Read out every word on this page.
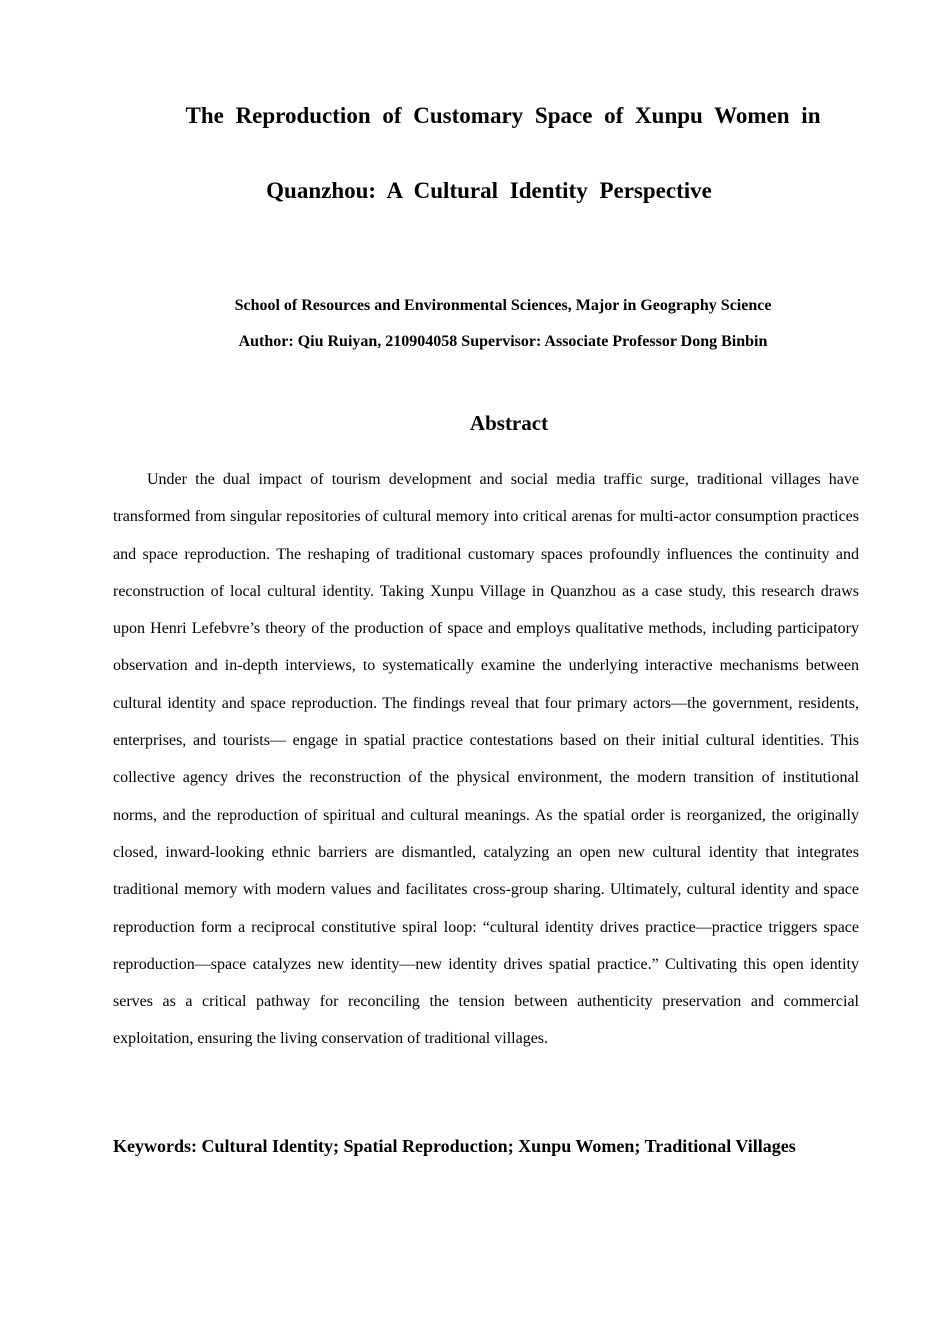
The Reproduction of Customary Space of Xunpu Women in
Quanzhou: A Cultural Identity Perspective

School of Resources and Environmental Sciences, Major in Geography Science

Author: Qiu Ruiyan, 210904058 Supervisor: Associate Professor Dong Binbin

Abstract

Under the dual impact of tourism development and social media traffic surge, traditional villages have transformed from singular repositories of cultural memory into critical arenas for multi-actor consumption practices and space reproduction. The reshaping of traditional customary spaces profoundly influences the continuity and reconstruction of local cultural identity. Taking Xunpu Village in Quanzhou as a case study, this research draws upon Henri Lefebvre’s theory of the production of space and employs qualitative methods, including participatory observation and in-depth interviews, to systematically examine the underlying interactive mechanisms between cultural identity and space reproduction. The findings reveal that four primary actors—the government, residents, enterprises, and tourists— engage in spatial practice contestations based on their initial cultural identities. This collective agency drives the reconstruction of the physical environment, the modern transition of institutional norms, and the reproduction of spiritual and cultural meanings. As the spatial order is reorganized, the originally closed, inward-looking ethnic barriers are dismantled, catalyzing an open new cultural identity that integrates traditional memory with modern values and facilitates cross-group sharing. Ultimately, cultural identity and space reproduction form a reciprocal constitutive spiral loop: “cultural identity drives practice—practice triggers space reproduction—space catalyzes new identity—new identity drives spatial practice.” Cultivating this open identity serves as a critical pathway for reconciling the tension between authenticity preservation and commercial exploitation, ensuring the living conservation of traditional villages.

Keywords: Cultural Identity; Spatial Reproduction; Xunpu Women; Traditional Villages
